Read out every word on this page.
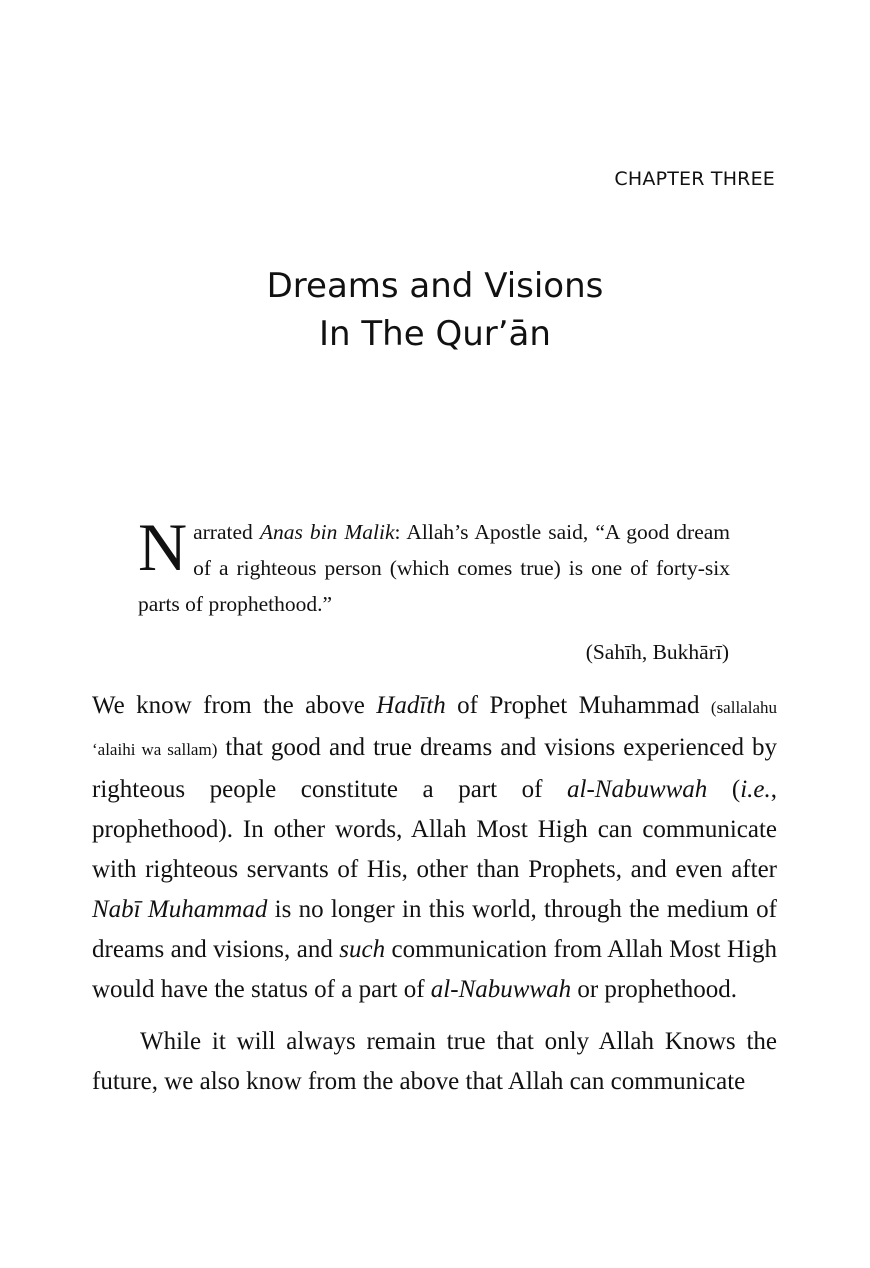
CHAPTER THREE
Dreams and Visions
In The Qur’ān

Narrated Anas bin Malik: Allah’s Apostle said, “A good dream of a righteous person (which comes true) is one of forty-six parts of prophethood.”

(Sahīh, Bukhārī)

We know from the above Hadīth of Prophet Muhammad (sallalahu ‘alaihi wa sallam) that good and true dreams and visions experienced by righteous people constitute a part of al-Nabuwwah (i.e., prophethood). In other words, Allah Most High can communicate with righteous servants of His, other than Prophets, and even after Nabī Muhammad is no longer in this world, through the medium of dreams and visions, and such communication from Allah Most High would have the status of a part of al-Nabuwwah or prophethood.

While it will always remain true that only Allah Knows the future, we also know from the above that Allah can communicate
